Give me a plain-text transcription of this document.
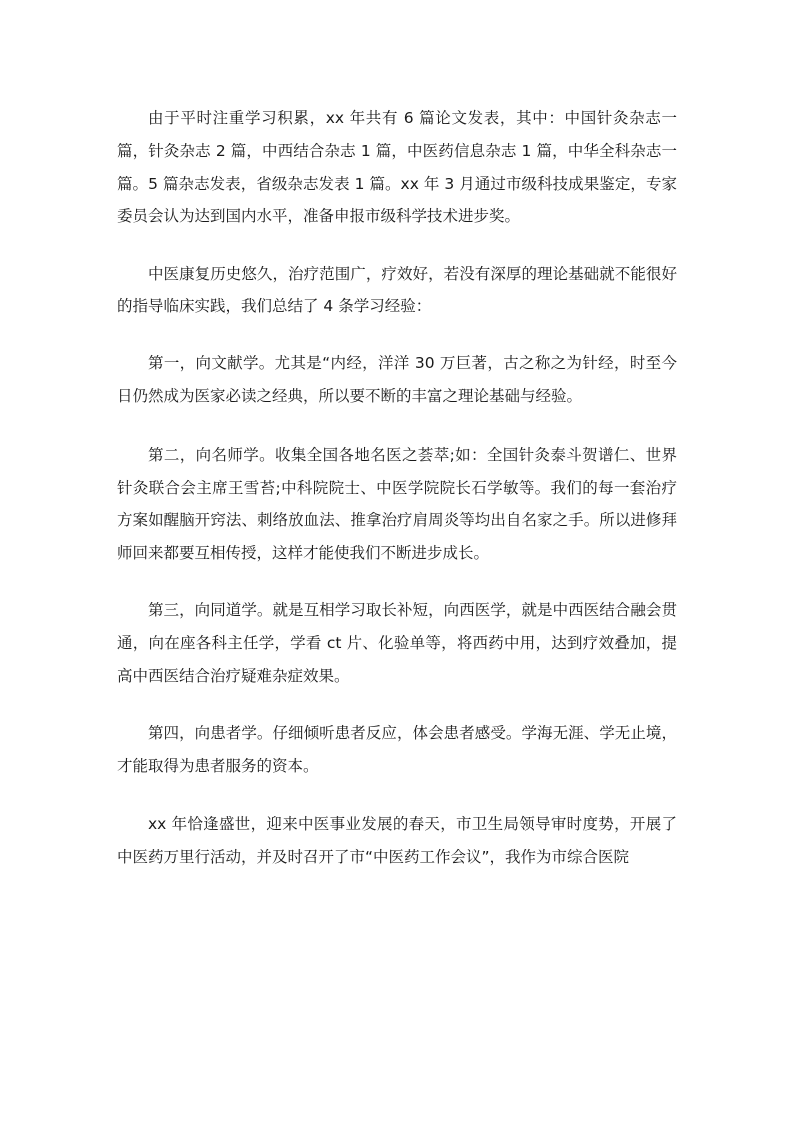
由于平时注重学习积累，xx 年共有 6 篇论文发表，其中：中国针灸杂志一篇，针灸杂志 2 篇，中西结合杂志 1 篇，中医药信息杂志 1 篇，中华全科杂志一篇。5 篇杂志发表，省级杂志发表 1 篇。xx 年 3 月通过市级科技成果鉴定，专家委员会认为达到国内水平，准备申报市级科学技术进步奖。

中医康复历史悠久，治疗范围广，疗效好，若没有深厚的理论基础就不能很好的指导临床实践，我们总结了 4 条学习经验：

第一，向文献学。尤其是“内经，洋洋 30 万巨著，古之称之为针经，时至今日仍然成为医家必读之经典，所以要不断的丰富之理论基础与经验。

第二，向名师学。收集全国各地名医之荟萃;如：全国针灸泰斗贺谱仁、世界针灸联合会主席王雪苔;中科院院士、中医学院院长石学敏等。我们的每一套治疗方案如醒脑开窍法、刺络放血法、推拿治疗肩周炎等均出自名家之手。所以进修拜师回来都要互相传授，这样才能使我们不断进步成长。

第三，向同道学。就是互相学习取长补短，向西医学，就是中西医结合融会贯通，向在座各科主任学，学看 ct 片、化验单等，将西药中用，达到疗效叠加，提高中西医结合治疗疑难杂症效果。

第四，向患者学。仔细倾听患者反应，体会患者感受。学海无涯、学无止境，才能取得为患者服务的资本。

xx 年恰逢盛世，迎来中医事业发展的春天，市卫生局领导审时度势，开展了中医药万里行活动，并及时召开了市“中医药工作会议”，我作为市综合医院
